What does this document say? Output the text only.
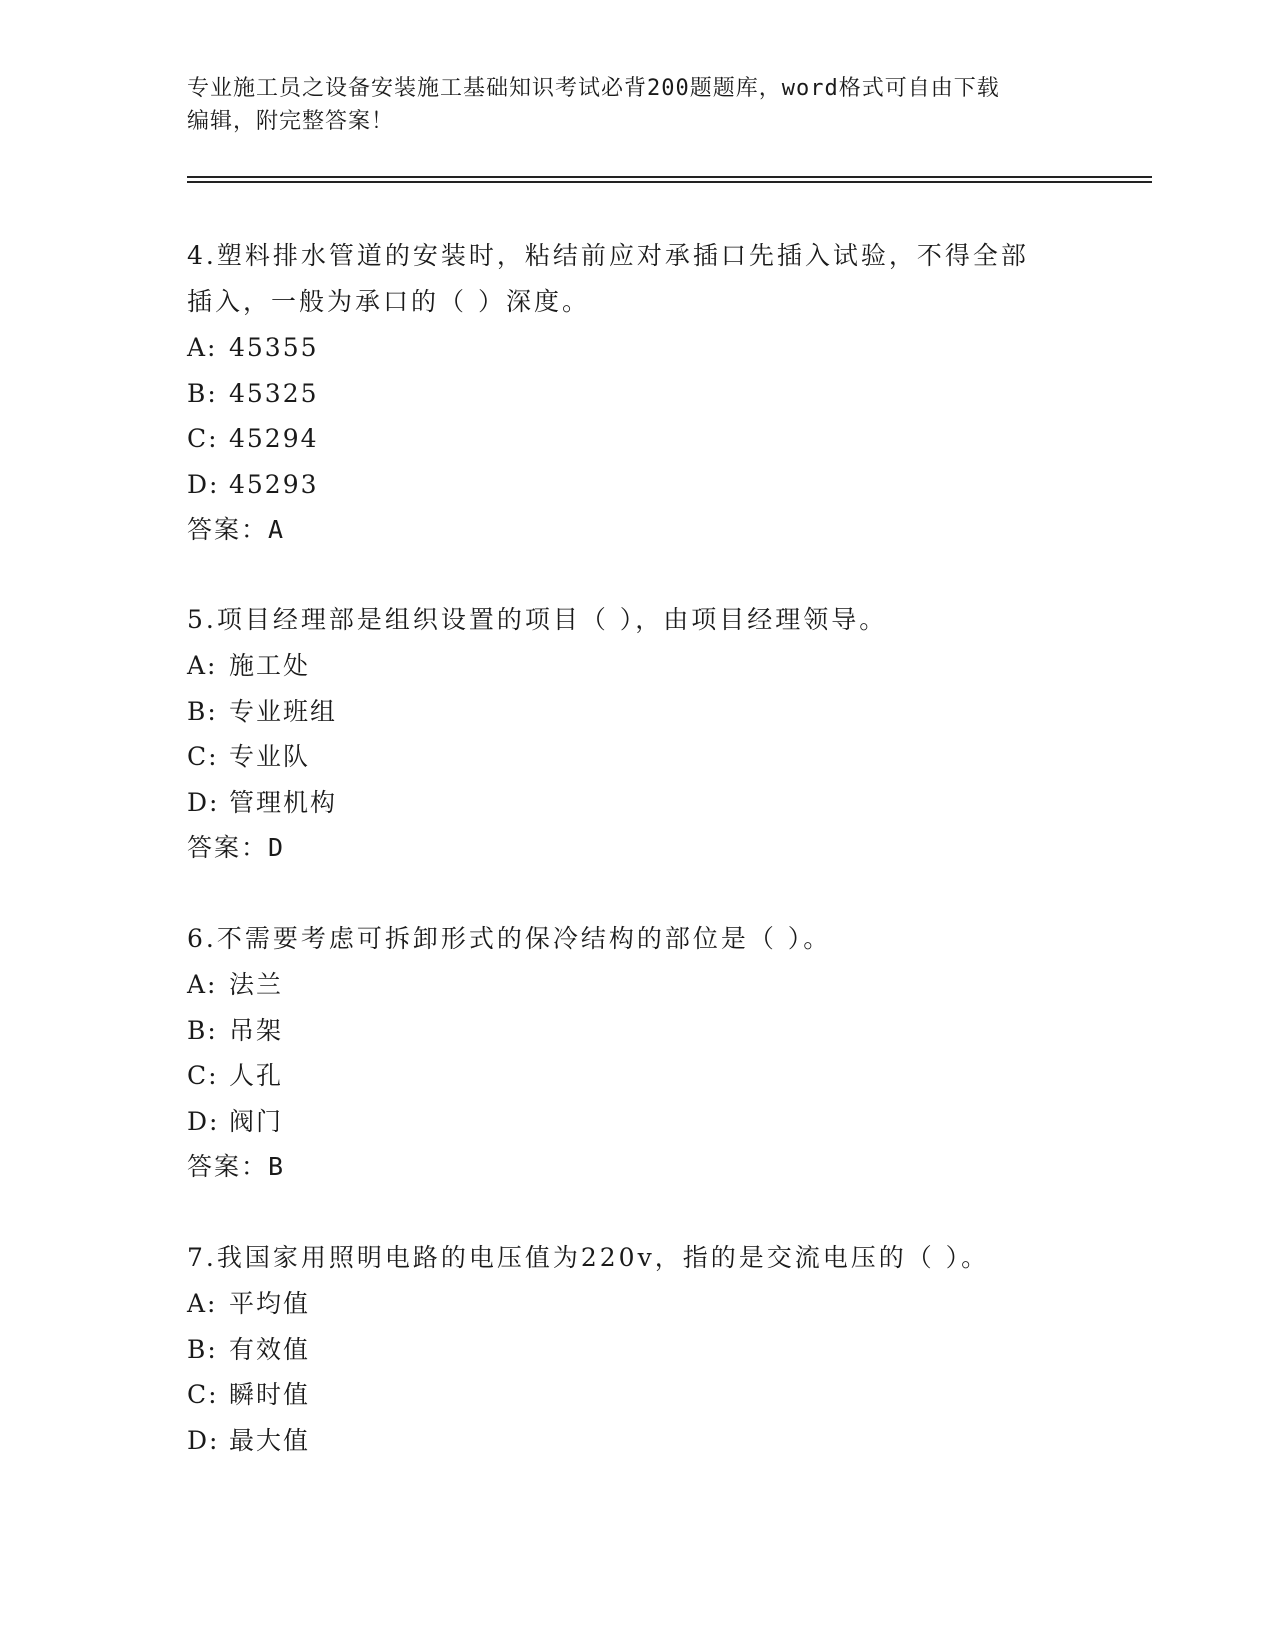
专业施工员之设备安装施工基础知识考试必背200题题库，word格式可自由下载
编辑，附完整答案！

4.塑料排水管道的安装时，粘结前应对承插口先插入试验，不得全部

插入，一般为承口的（ ）深度。

A: 45355

B: 45325

C: 45294

D: 45293

答案：A

5.项目经理部是组织设置的项目（ ），由项目经理领导。

A: 施工处

B: 专业班组

C: 专业队

D: 管理机构

答案：D

6.不需要考虑可拆卸形式的保冷结构的部位是（ ）。

A: 法兰

B: 吊架

C: 人孔

D: 阀门

答案：B

7.我国家用照明电路的电压值为220v，指的是交流电压的（ ）。

A: 平均值

B: 有效值

C: 瞬时值

D: 最大值
